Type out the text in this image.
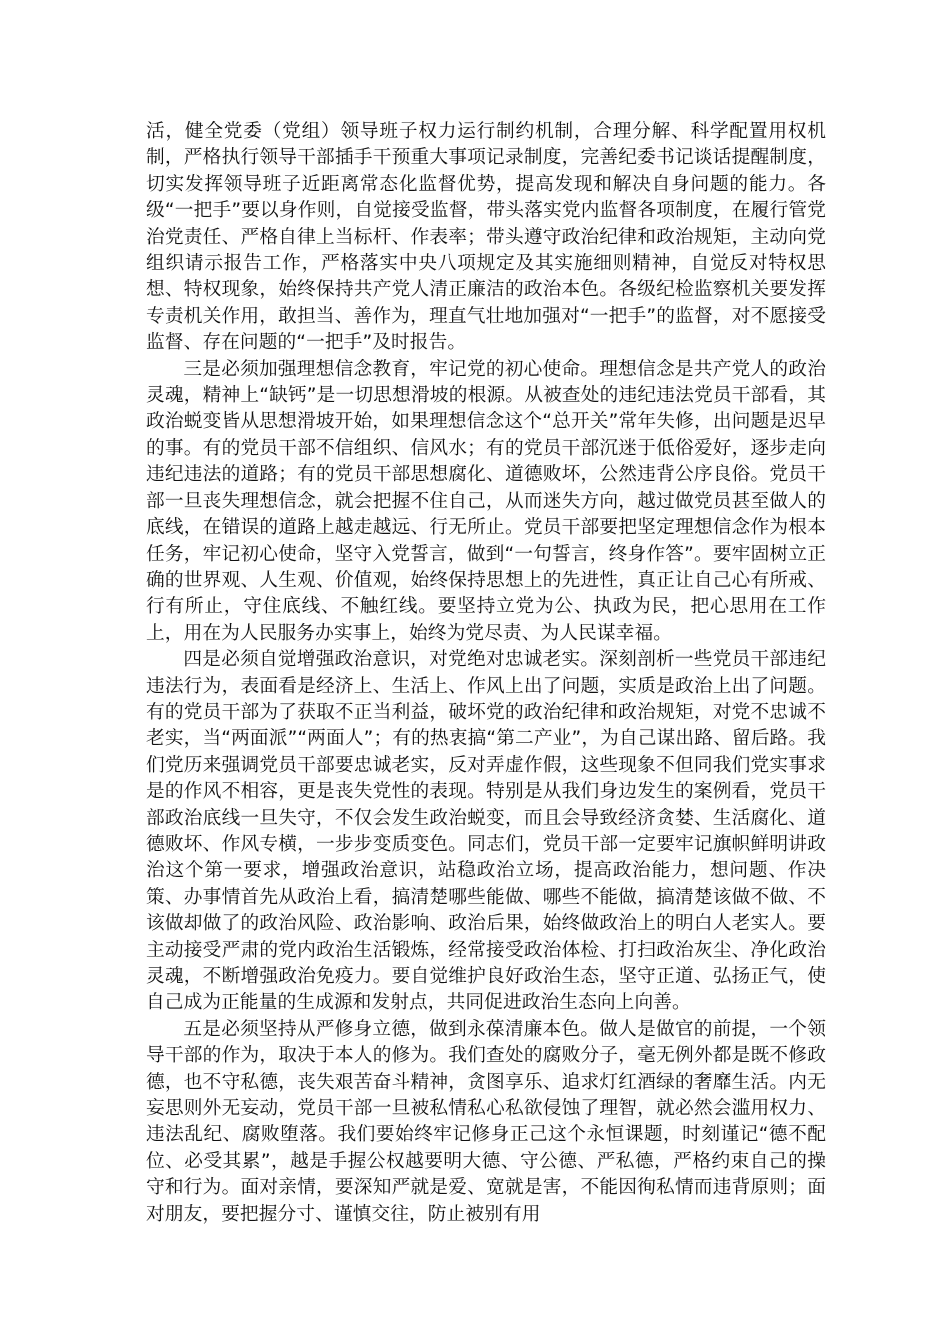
活，健全党委（党组）领导班子权力运行制约机制，合理分解、科学配置用权机制，严格执行领导干部插手干预重大事项记录制度，完善纪委书记谈话提醒制度，切实发挥领导班子近距离常态化监督优势，提高发现和解决自身问题的能力。各级“一把手”要以身作则，自觉接受监督，带头落实党内监督各项制度，在履行管党治党责任、严格自律上当标杆、作表率；带头遵守政治纪律和政治规矩，主动向党组织请示报告工作，严格落实中央八项规定及其实施细则精神，自觉反对特权思想、特权现象，始终保持共产党人清正廉洁的政治本色。各级纪检监察机关要发挥专责机关作用，敢担当、善作为，理直气壮地加强对“一把手”的监督，对不愿接受监督、存在问题的“一把手”及时报告。

三是必须加强理想信念教育，牢记党的初心使命。理想信念是共产党人的政治灵魂，精神上“缺钙”是一切思想滑坡的根源。从被查处的违纪违法党员干部看，其政治蜕变皆从思想滑坡开始，如果理想信念这个“总开关”常年失修，出问题是迟早的事。有的党员干部不信组织、信风水；有的党员干部沉迷于低俗爱好，逐步走向违纪违法的道路；有的党员干部思想腐化、道德败坏，公然违背公序良俗。党员干部一旦丧失理想信念，就会把握不住自己，从而迷失方向，越过做党员甚至做人的底线，在错误的道路上越走越远、行无所止。党员干部要把坚定理想信念作为根本任务，牢记初心使命，坚守入党誓言，做到“一句誓言，终身作答”。要牢固树立正确的世界观、人生观、价值观，始终保持思想上的先进性，真正让自己心有所戒、行有所止，守住底线、不触红线。要坚持立党为公、执政为民，把心思用在工作上，用在为人民服务办实事上，始终为党尽责、为人民谋幸福。

四是必须自觉增强政治意识，对党绝对忠诚老实。深刻剖析一些党员干部违纪违法行为，表面看是经济上、生活上、作风上出了问题，实质是政治上出了问题。有的党员干部为了获取不正当利益，破坏党的政治纪律和政治规矩，对党不忠诚不老实，当“两面派”“两面人”；有的热衷搞“第二产业”，为自己谋出路、留后路。我们党历来强调党员干部要忠诚老实，反对弄虚作假，这些现象不但同我们党实事求是的作风不相容，更是丧失党性的表现。特别是从我们身边发生的案例看，党员干部政治底线一旦失守，不仅会发生政治蜕变，而且会导致经济贪婪、生活腐化、道德败坏、作风专横，一步步变质变色。同志们，党员干部一定要牢记旗帜鲜明讲政治这个第一要求，增强政治意识，站稳政治立场，提高政治能力，想问题、作决策、办事情首先从政治上看，搞清楚哪些能做、哪些不能做，搞清楚该做不做、不该做却做了的政治风险、政治影响、政治后果，始终做政治上的明白人老实人。要主动接受严肃的党内政治生活锻炼，经常接受政治体检、打扫政治灰尘、净化政治灵魂，不断增强政治免疫力。要自觉维护良好政治生态，坚守正道、弘扬正气，使自己成为正能量的生成源和发射点，共同促进政治生态向上向善。

五是必须坚持从严修身立德，做到永葆清廉本色。做人是做官的前提，一个领导干部的作为，取决于本人的修为。我们查处的腐败分子，毫无例外都是既不修政德，也不守私德，丧失艰苦奋斗精神，贪图享乐、追求灯红酒绿的奢靡生活。内无妄思则外无妄动，党员干部一旦被私情私心私欲侵蚀了理智，就必然会滥用权力、违法乱纪、腐败堕落。我们要始终牢记修身正己这个永恒课题，时刻谨记“德不配位、必受其累”，越是手握公权越要明大德、守公德、严私德，严格约束自己的操守和行为。面对亲情，要深知严就是爱、宽就是害，不能因徇私情而违背原则；面对朋友，要把握分寸、谨慎交往，防止被别有用
